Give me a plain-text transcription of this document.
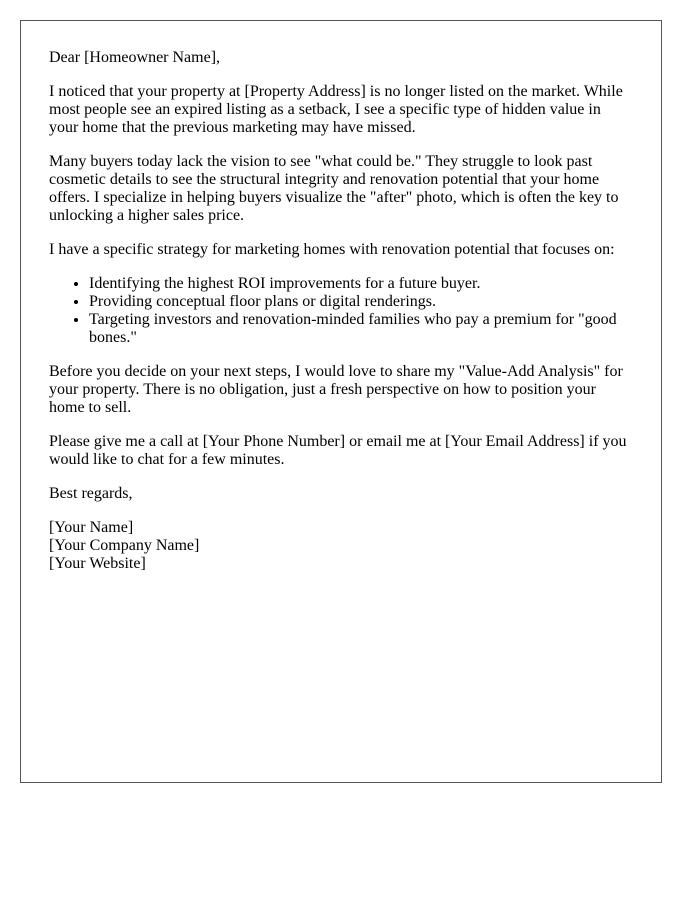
Dear [Homeowner Name],

I noticed that your property at [Property Address] is no longer listed on the market. While most people see an expired listing as a setback, I see a specific type of hidden value in your home that the previous marketing may have missed.

Many buyers today lack the vision to see "what could be." They struggle to look past cosmetic details to see the structural integrity and renovation potential that your home offers. I specialize in helping buyers visualize the "after" photo, which is often the key to unlocking a higher sales price.

I have a specific strategy for marketing homes with renovation potential that focuses on:

• Identifying the highest ROI improvements for a future buyer.
• Providing conceptual floor plans or digital renderings.
• Targeting investors and renovation-minded families who pay a premium for "good bones."

Before you decide on your next steps, I would love to share my "Value-Add Analysis" for your property. There is no obligation, just a fresh perspective on how to position your home to sell.

Please give me a call at [Your Phone Number] or email me at [Your Email Address] if you would like to chat for a few minutes.

Best regards,

[Your Name]
[Your Company Name]
[Your Website]
